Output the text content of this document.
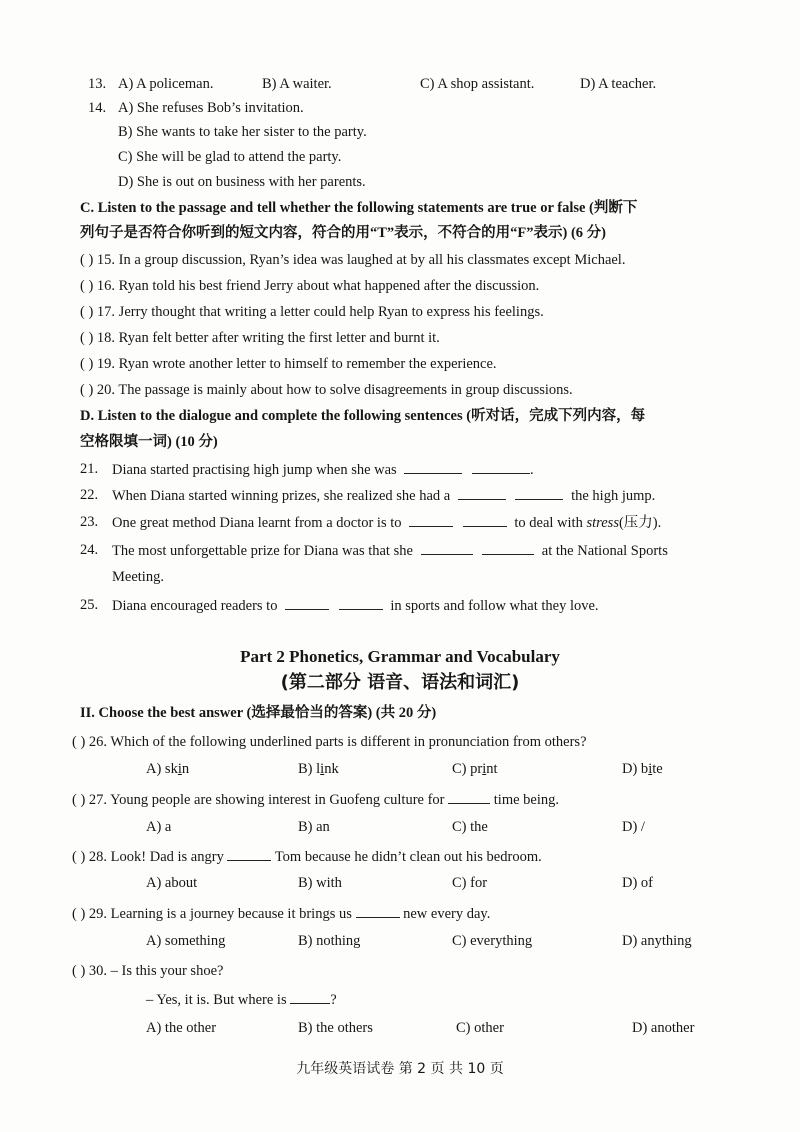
13. A) A policeman.	B) A waiter.	C) A shop assistant.	D) A teacher.
14. A) She refuses Bob’s invitation.
B) She wants to take her sister to the party.
C) She will be glad to attend the party.
D) She is out on business with her parents.
C. Listen to the passage and tell whether the following statements are true or false (判断下
列句子是否符合你听到的短文内容，符合的用“T”表示，不符合的用“F”表示) (6 分)
( ) 15. In a group discussion, Ryan’s idea was laughed at by all his classmates except Michael.
( ) 16. Ryan told his best friend Jerry about what happened after the discussion.
( ) 17. Jerry thought that writing a letter could help Ryan to express his feelings.
( ) 18. Ryan felt better after writing the first letter and burnt it.
( ) 19. Ryan wrote another letter to himself to remember the experience.
( ) 20. The passage is mainly about how to solve disagreements in group discussions.
D. Listen to the dialogue and complete the following sentences (听对话，完成下列内容，每
空格限填一词) (10 分)
21. Diana started practising high jump when she was	.
22. When Diana started winning prizes, she realized she had a	the high jump.
23. One great method Diana learnt from a doctor is to	to deal with stress(压力).
24. The most unforgettable prize for Diana was that she	at the National Sports
Meeting.
25. Diana encouraged readers to	in sports and follow what they love.
Part 2 Phonetics, Grammar and Vocabulary
(第二部分 语音、语法和词汇)
II. Choose the best answer (选择最恰当的答案) (共 20 分)
( ) 26. Which of the following underlined parts is different in pronunciation from others?
A) skin	B) link	C) print	D) bite
( ) 27. Young people are showing interest in Guofeng culture for	time being.
A) a	B) an	C) the	D) /
( ) 28. Look! Dad is angry	Tom because he didn’t clean out his bedroom.
A) about	B) with	C) for	D) of
( ) 29. Learning is a journey because it brings us	new every day.
A) something	B) nothing	C) everything	D) anything
( ) 30. – Is this your shoe?
– Yes, it is. But where is	?
A) the other	B) the others	C) other	D) another
九年级英语试卷 第 2 页 共 10 页
